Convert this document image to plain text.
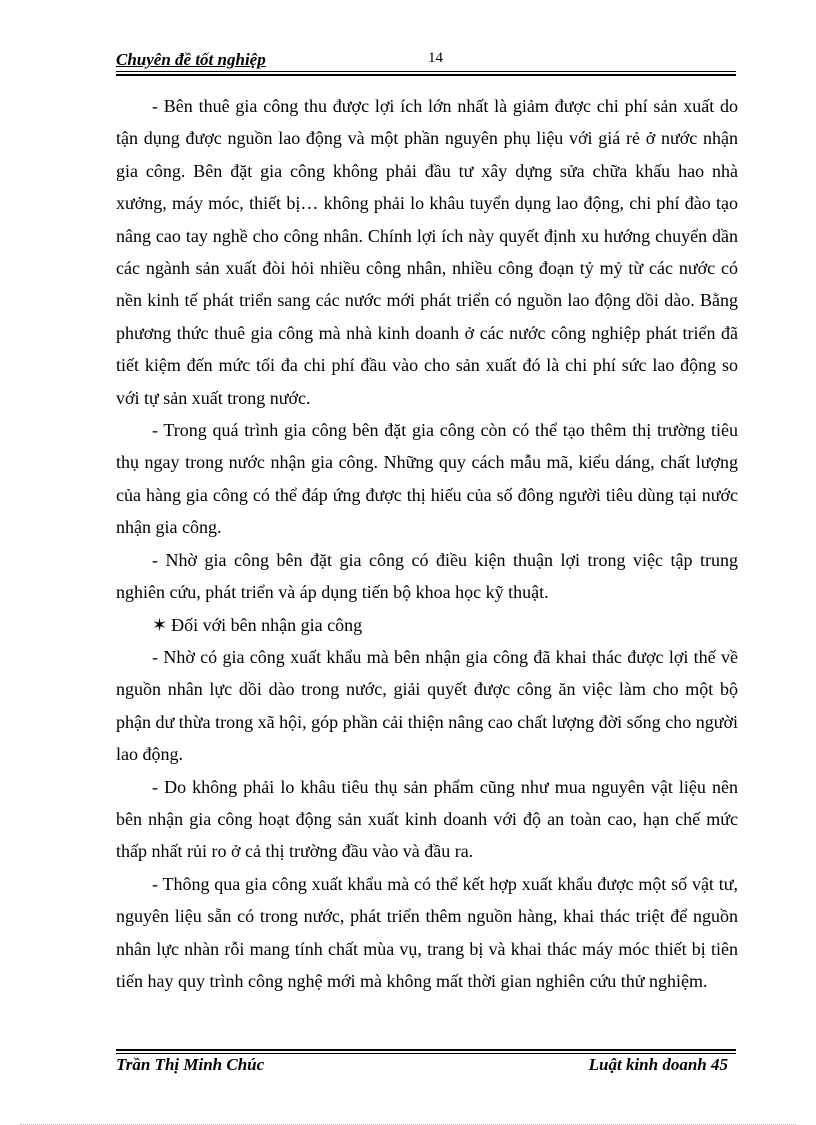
Chuyên đề tốt nghiệp	14

- Bên thuê gia công thu được lợi ích lớn nhất là giảm được chi phí sản xuất do tận dụng được nguồn lao động và một phần nguyên phụ liệu với giá rẻ ở nước nhận gia công. Bên đặt gia công không phải đầu tư xây dựng sửa chữa khấu hao nhà xưởng, máy móc, thiết bị… không phải lo khâu tuyển dụng lao động, chi phí đào tạo nâng cao tay nghề cho công nhân. Chính lợi ích này quyết định xu hướng chuyển dần các ngành sản xuất đòi hỏi nhiều công nhân, nhiều công đoạn tỷ mỷ từ các nước có nền kinh tế phát triển sang các nước mới phát triển có nguồn lao động dồi dào. Bằng phương thức thuê gia công mà nhà kinh doanh ở các nước công nghiệp phát triển đã tiết kiệm đến mức tối đa chi phí đầu vào cho sản xuất đó là chi phí sức lao động so với tự sản xuất trong nước.

- Trong quá trình gia công bên đặt gia công còn có thể tạo thêm thị trường tiêu thụ ngay trong nước nhận gia công. Những quy cách mẫu mã, kiểu dáng, chất lượng của hàng gia công có thể đáp ứng được thị hiếu của số đông người tiêu dùng tại nước nhận gia công.

- Nhờ gia công bên đặt gia công có điều kiện thuận lợi trong việc tập trung nghiên cứu, phát triển và áp dụng tiến bộ khoa học kỹ thuật.

✶ Đối với bên nhận gia công

- Nhờ có gia công xuất khẩu mà bên nhận gia công đã khai thác được lợi thế về nguồn nhân lực dồi dào trong nước, giải quyết được công ăn việc làm cho một bộ phận dư thừa trong xã hội, góp phần cải thiện nâng cao chất lượng đời sống cho người lao động.

- Do không phải lo khâu tiêu thụ sản phẩm cũng như mua nguyên vật liệu nên bên nhận gia công hoạt động sản xuất kinh doanh với độ an toàn cao, hạn chế mức thấp nhất rủi ro ở cả thị trường đầu vào và đầu ra.

- Thông qua gia công xuất khẩu mà có thể kết hợp xuất khẩu được một số vật tư, nguyên liệu sẵn có trong nước, phát triển thêm nguồn hàng, khai thác triệt để nguồn nhân lực nhàn rỗi mang tính chất mùa vụ, trang bị và khai thác máy móc thiết bị tiên tiến hay quy trình công nghệ mới mà không mất thời gian nghiên cứu thử nghiệm.

Trần Thị Minh Chúc	Luật kinh doanh 45
